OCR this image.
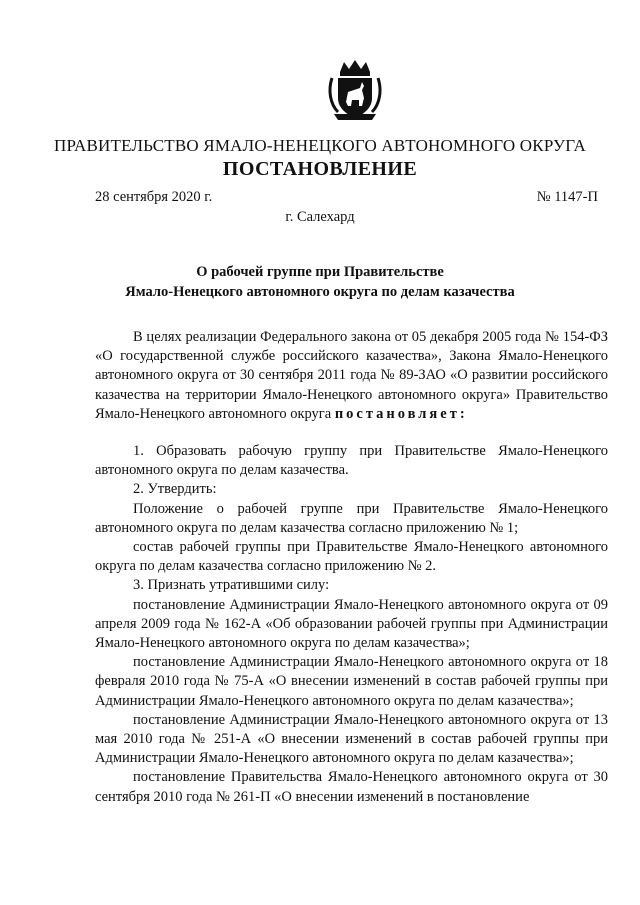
ПРАВИТЕЛЬСТВО ЯМАЛО-НЕНЕЦКОГО АВТОНОМНОГО ОКРУГА
ПОСТАНОВЛЕНИЕ
28 сентября 2020 г.	№ 1147-П
г. Салехард
О рабочей группе при Правительстве
Ямало-Ненецкого автономного округа по делам казачества

В целях реализации Федерального закона от 05 декабря 2005 года № 154-ФЗ «О государственной службе российского казачества», Закона Ямало-Ненецкого автономного округа от 30 сентября 2011 года № 89-ЗАО «О развитии российского казачества на территории Ямало-Ненецкого автономного округа» Правительство Ямало-Ненецкого автономного округа постановляет:

1. Образовать рабочую группу при Правительстве Ямало-Ненецкого автономного округа по делам казачества.

2. Утвердить:

Положение о рабочей группе при Правительстве Ямало-Ненецкого автономного округа по делам казачества согласно приложению № 1;

состав рабочей группы при Правительстве Ямало-Ненецкого автономного округа по делам казачества согласно приложению № 2.

3. Признать утратившими силу:

постановление Администрации Ямало-Ненецкого автономного округа от 09 апреля 2009 года № 162-А «Об образовании рабочей группы при Администрации Ямало-Ненецкого автономного округа по делам казачества»;

постановление Администрации Ямало-Ненецкого автономного округа от 18 февраля 2010 года № 75-А «О внесении изменений в состав рабочей группы при Администрации Ямало-Ненецкого автономного округа по делам казачества»;

постановление Администрации Ямало-Ненецкого автономного округа от 13 мая 2010 года № 251-А «О внесении изменений в состав рабочей группы при Администрации Ямало-Ненецкого автономного округа по делам казачества»;

постановление Правительства Ямало-Ненецкого автономного округа от 30 сентября 2010 года № 261-П «О внесении изменений в постановление
